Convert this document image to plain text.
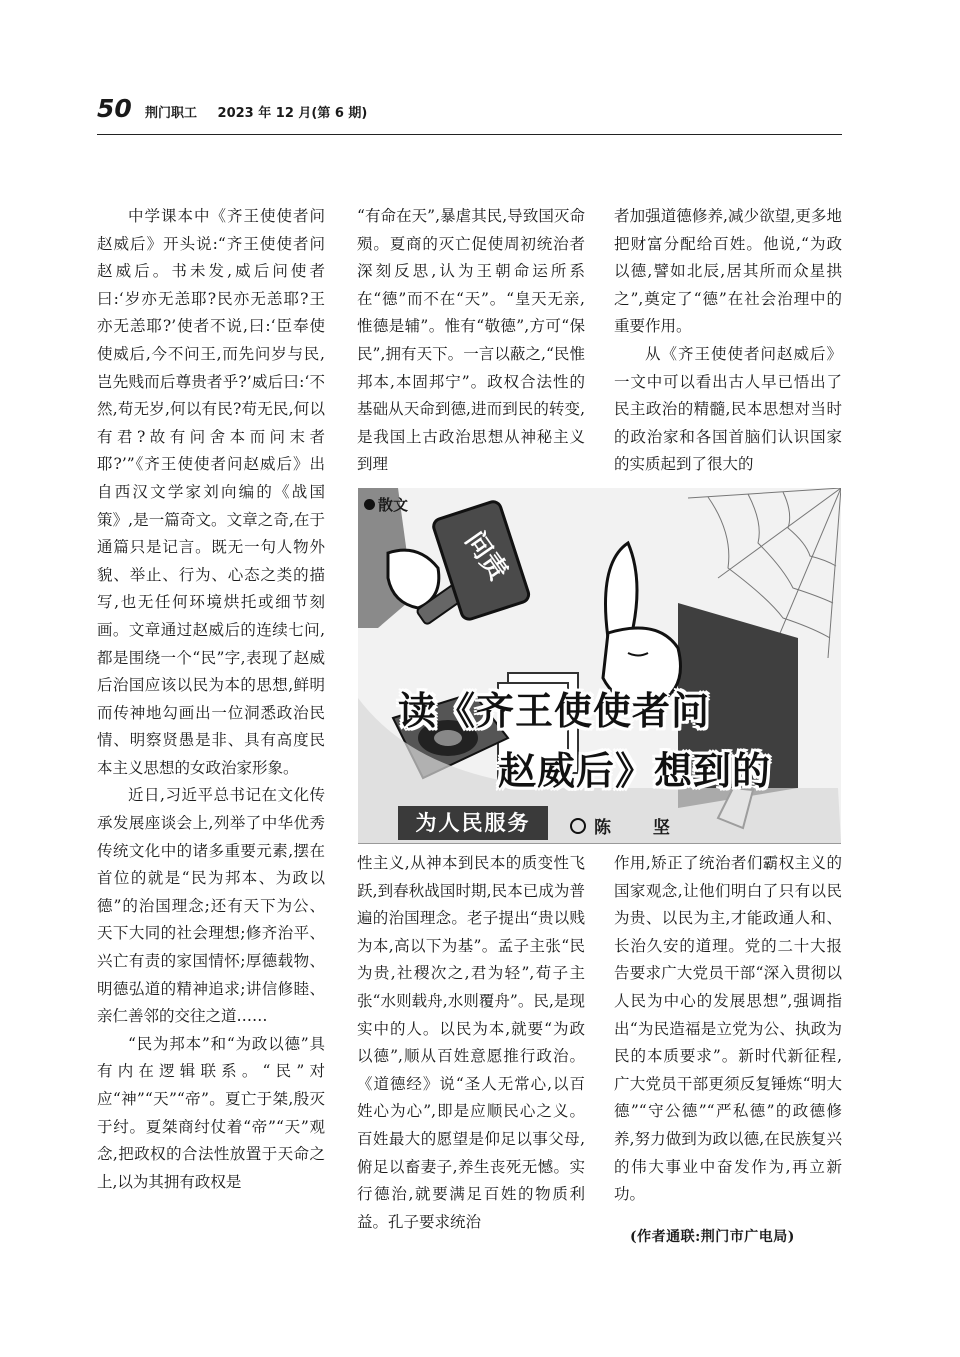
50 荆门职工 2023 年 12 月(第 6 期)

中学课本中《齐王使使者问赵威后》开头说:“齐王使使者问赵威后。书未发,威后问使者曰:‘岁亦无恙耶?民亦无恙耶?王亦无恙耶?’使者不说,曰:‘臣奉使使威后,今不问王,而先问岁与民,岂先贱而后尊贵者乎?’威后曰:‘不然,苟无岁,何以有民?苟无民,何以有君?故有问舍本而问末者耶?’”《齐王使使者问赵威后》出自西汉文学家刘向编的《战国策》,是一篇奇文。文章之奇,在于通篇只是记言。既无一句人物外貌、举止、行为、心态之类的描写,也无任何环境烘托或细节刻画。文章通过赵威后的连续七问,都是围绕一个“民”字,表现了赵威后治国应该以民为本的思想,鲜明而传神地勾画出一位洞悉政治民情、明察贤愚是非、具有高度民本主义思想的女政治家形象。

近日,习近平总书记在文化传承发展座谈会上,列举了中华优秀传统文化中的诸多重要元素,摆在首位的就是“民为邦本、为政以德”的治国理念;还有天下为公、天下大同的社会理想;修齐治平、兴亡有责的家国情怀;厚德载物、明德弘道的精神追求;讲信修睦、亲仁善邻的交往之道……

“民为邦本”和“为政以德”具有内在逻辑联系。“民”对应“神”“天”“帝”。夏亡于桀,殷灭于纣。夏桀商纣仗着“帝”“天”观念,把政权的合法性放置于天命之上,以为其拥有政权是

“有命在天”,暴虐其民,导致国灭命殒。夏商的灭亡促使周初统治者深刻反思,认为王朝命运所系在“德”而不在“天”。“皇天无亲,惟德是辅”。惟有“敬德”,方可“保民”,拥有天下。一言以蔽之,“民惟邦本,本固邦宁”。政权合法性的基础从天命到德,进而到民的转变,是我国上古政治思想从神秘主义到理

者加强道德修养,减少欲望,更多地把财富分配给百姓。他说,“为政以德,譬如北辰,居其所而众星拱之”,奠定了“德”在社会治理中的重要作用。

从《齐王使使者问赵威后》一文中可以看出古人早已悟出了民主政治的精髓,民本思想对当时的政治家和各国首脑们认识国家的实质起到了很大的

问责
散文
读《齐王使使者问
赵威后》想到的
为人民服务	陈 坚

性主义,从神本到民本的质变性飞跃,到春秋战国时期,民本已成为普遍的治国理念。老子提出“贵以贱为本,高以下为基”。孟子主张“民为贵,社稷次之,君为轻”,荀子主张“水则载舟,水则覆舟”。民,是现实中的人。以民为本,就要“为政以德”,顺从百姓意愿推行政治。《道德经》说“圣人无常心,以百姓心为心”,即是应顺民心之义。百姓最大的愿望是仰足以事父母,俯足以畜妻子,养生丧死无憾。实行德治,就要满足百姓的物质利益。孔子要求统治

作用,矫正了统治者们霸权主义的国家观念,让他们明白了只有以民为贵、以民为主,才能政通人和、长治久安的道理。党的二十大报告要求广大党员干部“深入贯彻以人民为中心的发展思想”,强调指出“为民造福是立党为公、执政为民的本质要求”。新时代新征程,广大党员干部更须反复锤炼“明大德”“守公德”“严私德”的政德修养,努力做到为政以德,在民族复兴的伟大事业中奋发作为,再立新功。

(作者通联:荆门市广电局)
